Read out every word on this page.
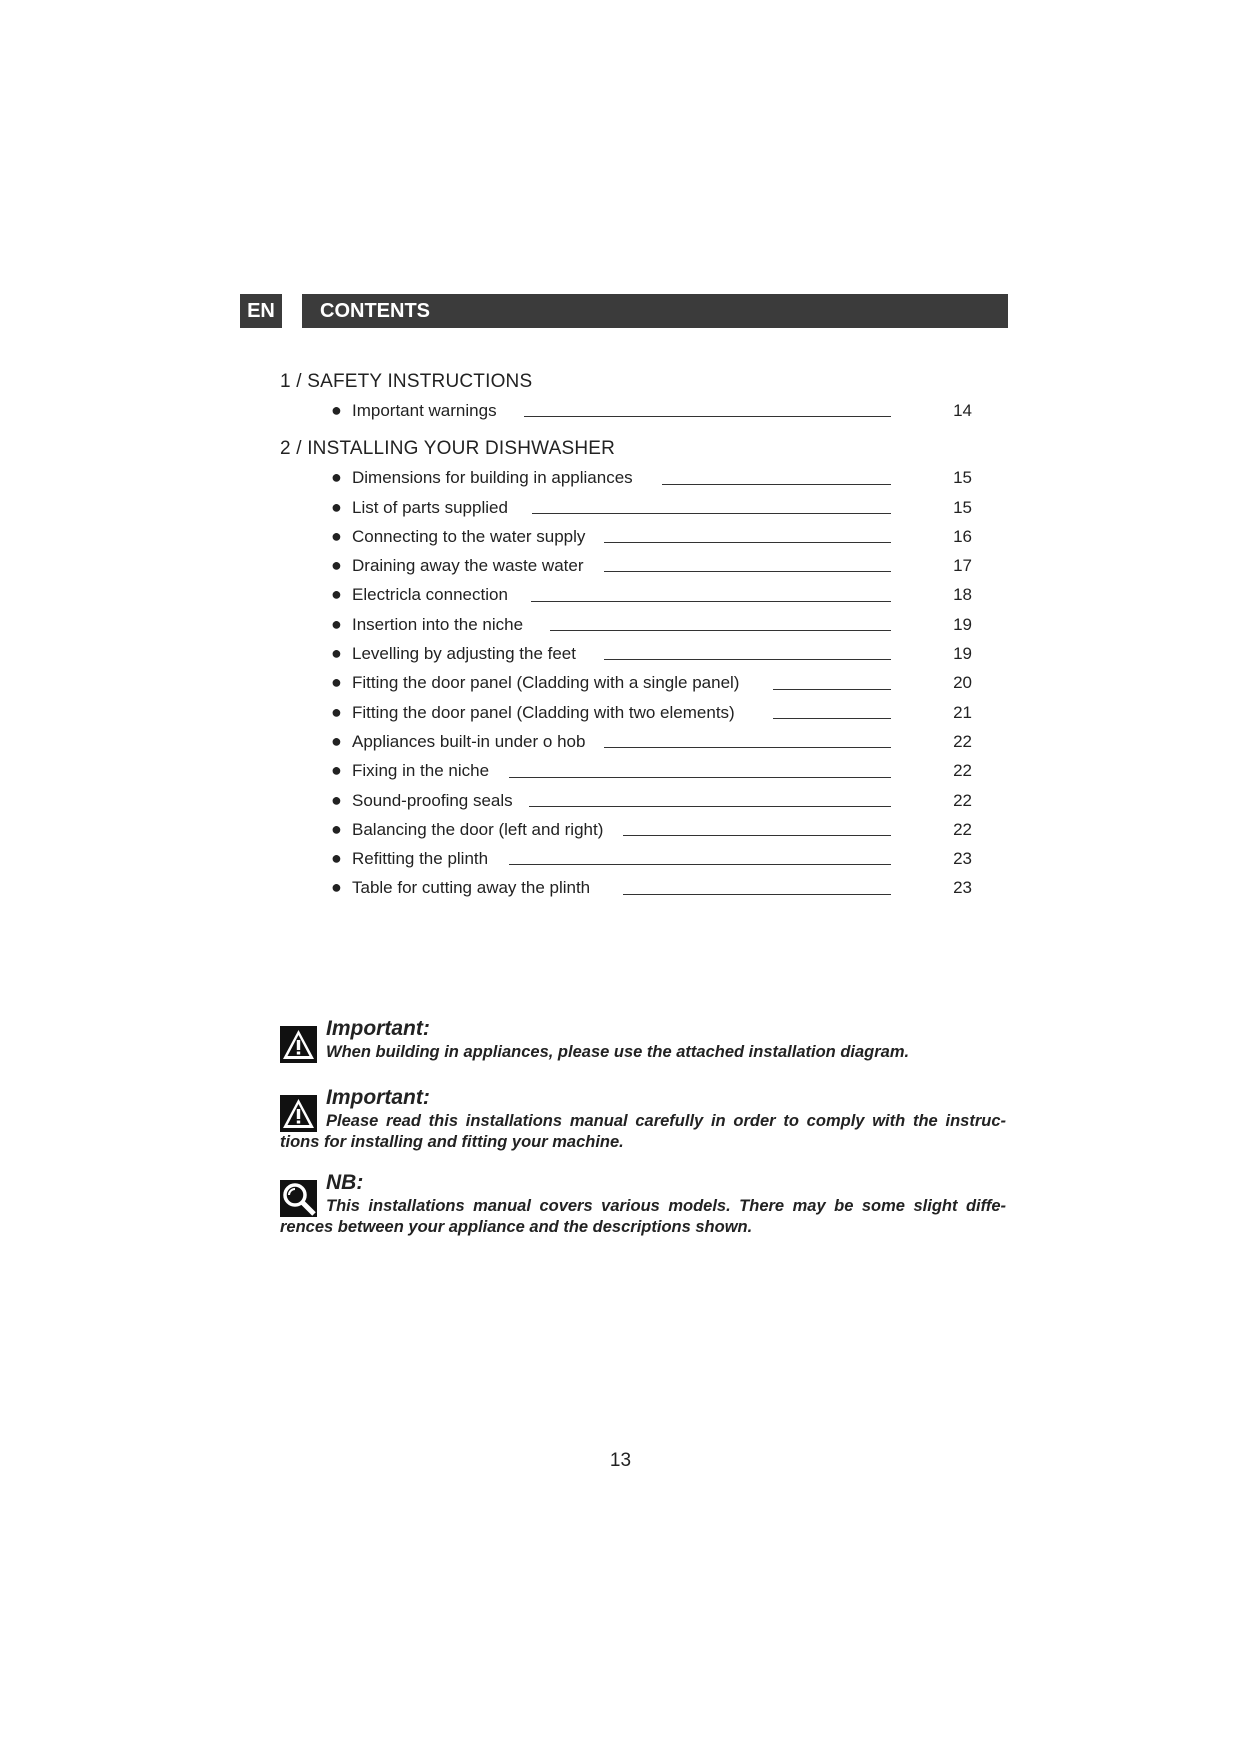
EN	CONTENTS
1 / SAFETY INSTRUCTIONS
● Important warnings	14
2 / INSTALLING YOUR DISHWASHER
● Dimensions for building in appliances	15
● List of parts supplied	15
● Connecting to the water supply	16
● Draining away the waste water	17
● Electricla connection	18
● Insertion into the niche	19
● Levelling by adjusting the feet	19
● Fitting the door panel (Cladding with a single panel)	20
● Fitting the door panel (Cladding with two elements)	21
● Appliances built-in under o hob	22
● Fixing in the niche	22
● Sound-proofing seals	22
● Balancing the door (left and right)	22
● Refitting the plinth	23
● Table for cutting away the plinth	23
Important:
When building in appliances, please use the attached installation diagram.
Important:
Please read this installations manual carefully in order to comply with the instruc-tions for installing and fitting your machine.
NB:
This installations manual covers various models. There may be some slight diffe-rences between your appliance and the descriptions shown.
13
